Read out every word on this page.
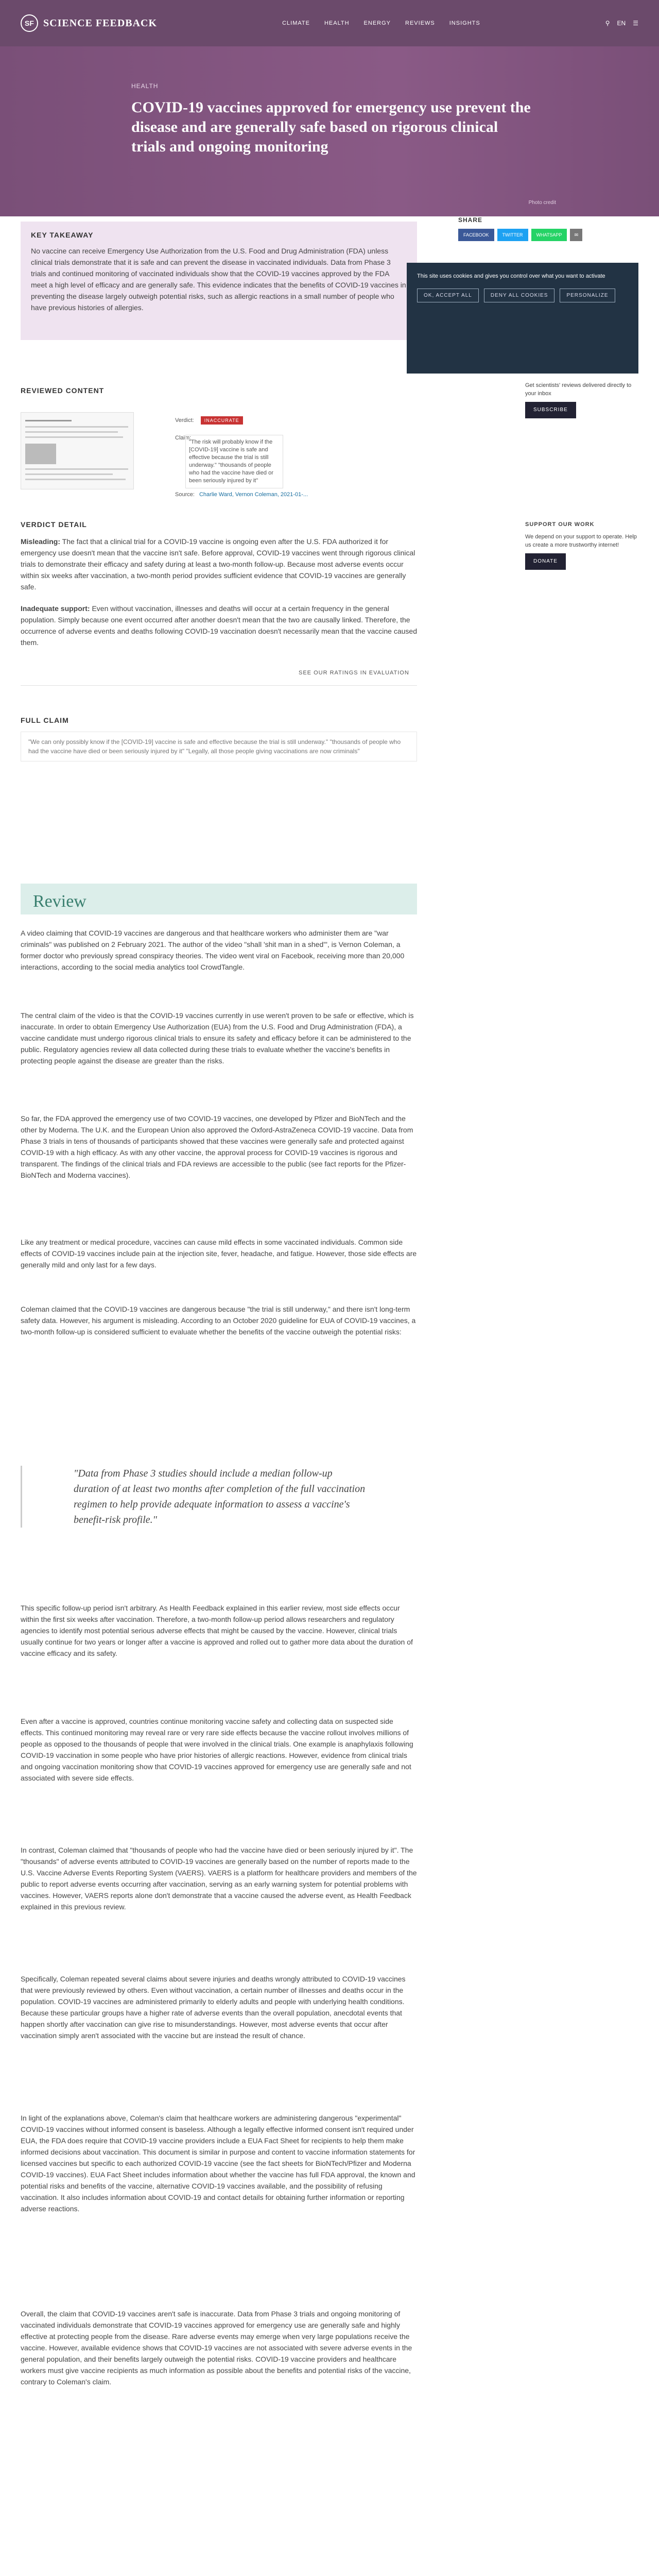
SF SCIENCE FEEDBACK	CLIMATE	HEALTH	ENERGY	REVIEWS	INSIGHTS	⚲ EN ☰
HEALTH
COVID-19 vaccines approved for emergency use prevent the disease and are generally safe based on rigorous clinical trials and ongoing monitoring
Photo credit
KEY TAKEAWAY

No vaccine can receive Emergency Use Authorization from the U.S. Food and Drug Administration (FDA) unless clinical trials demonstrate that it is safe and can prevent the disease in vaccinated individuals. Data from Phase 3 trials and continued monitoring of vaccinated individuals show that the COVID-19 vaccines approved by the FDA meet a high level of efficacy and are generally safe. This evidence indicates that the benefits of COVID-19 vaccines in preventing the disease largely outweigh potential risks, such as allergic reactions in a small number of people who have previous histories of allergies.

SHARE
FACEBOOK	TWITTER	WHATSAPP	✉

This site uses cookies and gives you control over what you want to activate

OK, ACCEPT ALL	DENY ALL COOKIES	PERSONALIZE
Get scientists' reviews delivered directly to your inbox
SUBSCRIBE
SUPPORT OUR WORK
We depend on your support to operate. Help us create a more trustworthy internet!
DONATE
REVIEWED CONTENT
Verdict: INACCURATE
Claim:
"The risk will probably know if the [COVID-19] vaccine is safe and effective because the trial is still underway." "thousands of people who had the vaccine have died or been seriously injured by it"
Source: Charlie Ward, Vernon Coleman, 2021-01-...
VERDICT DETAIL
Misleading: The fact that a clinical trial for a COVID-19 vaccine is ongoing even after the U.S. FDA authorized it for emergency use doesn't mean that the vaccine isn't safe. Before approval, COVID-19 vaccines went through rigorous clinical trials to demonstrate their efficacy and safety during at least a two-month follow-up. Because most adverse events occur within six weeks after vaccination, a two-month period provides sufficient evidence that COVID-19 vaccines are generally safe.
Inadequate support: Even without vaccination, illnesses and deaths will occur at a certain frequency in the general population. Simply because one event occurred after another doesn't mean that the two are causally linked. Therefore, the occurrence of adverse events and deaths following COVID-19 vaccination doesn't necessarily mean that the vaccine caused them.
SEE OUR RATINGS IN EVALUATION
FULL CLAIM
"We can only possibly know if the [COVID-19] vaccine is safe and effective because the trial is still underway." "thousands of people who had the vaccine have died or been seriously injured by it" "Legally, all those people giving vaccinations are now criminals"
Review
A video claiming that COVID-19 vaccines are dangerous and that healthcare workers who administer them are "war criminals" was published on 2 February 2021. The author of the video "shall 'shit man in a shed'", is Vernon Coleman, a former doctor who previously spread conspiracy theories. The video went viral on Facebook, receiving more than 20,000 interactions, according to the social media analytics tool CrowdTangle.
The central claim of the video is that the COVID-19 vaccines currently in use weren't proven to be safe or effective, which is inaccurate. In order to obtain Emergency Use Authorization (EUA) from the U.S. Food and Drug Administration (FDA), a vaccine candidate must undergo rigorous clinical trials to ensure its safety and efficacy before it can be administered to the public. Regulatory agencies review all data collected during these trials to evaluate whether the vaccine's benefits in protecting people against the disease are greater than the risks.
So far, the FDA approved the emergency use of two COVID-19 vaccines, one developed by Pfizer and BioNTech and the other by Moderna. The U.K. and the European Union also approved the Oxford-AstraZeneca COVID-19 vaccine. Data from Phase 3 trials in tens of thousands of participants showed that these vaccines were generally safe and protected against COVID-19 with a high efficacy. As with any other vaccine, the approval process for COVID-19 vaccines is rigorous and transparent. The findings of the clinical trials and FDA reviews are accessible to the public (see fact reports for the Pfizer-BioNTech and Moderna vaccines).
Like any treatment or medical procedure, vaccines can cause mild effects in some vaccinated individuals. Common side effects of COVID-19 vaccines include pain at the injection site, fever, headache, and fatigue. However, those side effects are generally mild and only last for a few days.
Coleman claimed that the COVID-19 vaccines are dangerous because "the trial is still underway," and there isn't long-term safety data. However, his argument is misleading. According to an October 2020 guideline for EUA of COVID-19 vaccines, a two-month follow-up is considered sufficient to evaluate whether the benefits of the vaccine outweigh the potential risks:
"Data from Phase 3 studies should include a median follow-up duration of at least two months after completion of the full vaccination regimen to help provide adequate information to assess a vaccine's benefit-risk profile."
This specific follow-up period isn't arbitrary. As Health Feedback explained in this earlier review, most side effects occur within the first six weeks after vaccination. Therefore, a two-month follow-up period allows researchers and regulatory agencies to identify most potential serious adverse effects that might be caused by the vaccine. However, clinical trials usually continue for two years or longer after a vaccine is approved and rolled out to gather more data about the duration of vaccine efficacy and its safety.
Even after a vaccine is approved, countries continue monitoring vaccine safety and collecting data on suspected side effects. This continued monitoring may reveal rare or very rare side effects because the vaccine rollout involves millions of people as opposed to the thousands of people that were involved in the clinical trials. One example is anaphylaxis following COVID-19 vaccination in some people who have prior histories of allergic reactions. However, evidence from clinical trials and ongoing vaccination monitoring show that COVID-19 vaccines approved for emergency use are generally safe and not associated with severe side effects.
In contrast, Coleman claimed that "thousands of people who had the vaccine have died or been seriously injured by it". The "thousands" of adverse events attributed to COVID-19 vaccines are generally based on the number of reports made to the U.S. Vaccine Adverse Events Reporting System (VAERS). VAERS is a platform for healthcare providers and members of the public to report adverse events occurring after vaccination, serving as an early warning system for potential problems with vaccines. However, VAERS reports alone don't demonstrate that a vaccine caused the adverse event, as Health Feedback explained in this previous review.
Specifically, Coleman repeated several claims about severe injuries and deaths wrongly attributed to COVID-19 vaccines that were previously reviewed by others. Even without vaccination, a certain number of illnesses and deaths occur in the population. COVID-19 vaccines are administered primarily to elderly adults and people with underlying health conditions. Because these particular groups have a higher rate of adverse events than the overall population, anecdotal events that happen shortly after vaccination can give rise to misunderstandings. However, most adverse events that occur after vaccination simply aren't associated with the vaccine but are instead the result of chance.
In light of the explanations above, Coleman's claim that healthcare workers are administering dangerous "experimental" COVID-19 vaccines without informed consent is baseless. Although a legally effective informed consent isn't required under EUA, the FDA does require that COVID-19 vaccine providers include a EUA Fact Sheet for recipients to help them make informed decisions about vaccination. This document is similar in purpose and content to vaccine information statements for licensed vaccines but specific to each authorized COVID-19 vaccine (see the fact sheets for BioNTech/Pfizer and Moderna COVID-19 vaccines). EUA Fact Sheet includes information about whether the vaccine has full FDA approval, the known and potential risks and benefits of the vaccine, alternative COVID-19 vaccines available, and the possibility of refusing vaccination. It also includes information about COVID-19 and contact details for obtaining further information or reporting adverse reactions.
Overall, the claim that COVID-19 vaccines aren't safe is inaccurate. Data from Phase 3 trials and ongoing monitoring of vaccinated individuals demonstrate that COVID-19 vaccines approved for emergency use are generally safe and highly effective at protecting people from the disease. Rare adverse events may emerge when very large populations receive the vaccine. However, available evidence shows that COVID-19 vaccines are not associated with severe adverse events in the general population, and their benefits largely outweigh the potential risks. COVID-19 vaccine providers and healthcare workers must give vaccine recipients as much information as possible about the benefits and potential risks of the vaccine, contrary to Coleman's claim.
